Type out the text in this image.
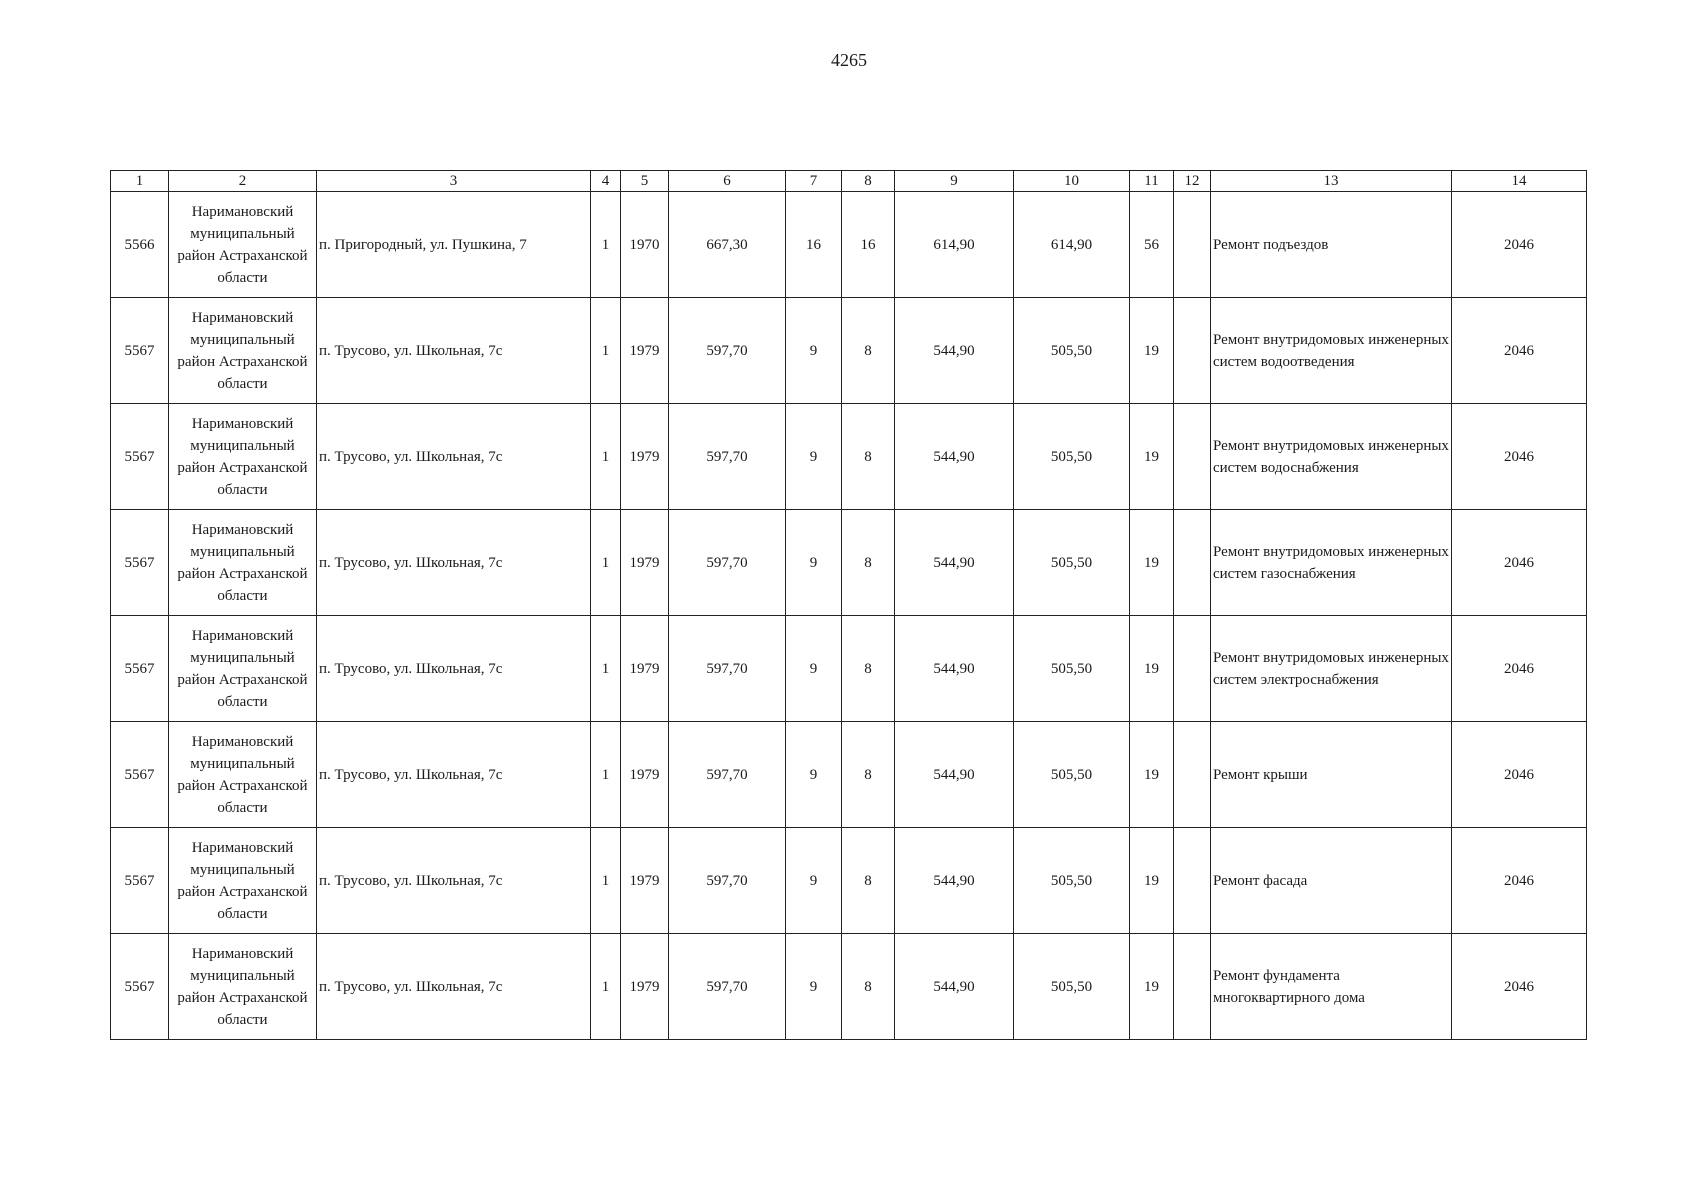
4265
1	2	3	4	5	6	7	8	9	10	11	12	13	14
5566	Наримановский муниципальный район Астраханской области	п. Пригородный, ул. Пушкина, 7	1	1970	667,30	16	16	614,90	614,90	56		Ремонт подъездов	2046
5567	Наримановский муниципальный район Астраханской области	п. Трусово, ул. Школьная, 7с	1	1979	597,70	9	8	544,90	505,50	19		Ремонт внутридомовых инженерных систем водоотведения	2046
5567	Наримановский муниципальный район Астраханской области	п. Трусово, ул. Школьная, 7с	1	1979	597,70	9	8	544,90	505,50	19		Ремонт внутридомовых инженерных систем водоснабжения	2046
5567	Наримановский муниципальный район Астраханской области	п. Трусово, ул. Школьная, 7с	1	1979	597,70	9	8	544,90	505,50	19		Ремонт внутридомовых инженерных систем газоснабжения	2046
5567	Наримановский муниципальный район Астраханской области	п. Трусово, ул. Школьная, 7с	1	1979	597,70	9	8	544,90	505,50	19		Ремонт внутридомовых инженерных систем электроснабжения	2046
5567	Наримановский муниципальный район Астраханской области	п. Трусово, ул. Школьная, 7с	1	1979	597,70	9	8	544,90	505,50	19		Ремонт крыши	2046
5567	Наримановский муниципальный район Астраханской области	п. Трусово, ул. Школьная, 7с	1	1979	597,70	9	8	544,90	505,50	19		Ремонт фасада	2046
5567	Наримановский муниципальный район Астраханской области	п. Трусово, ул. Школьная, 7с	1	1979	597,70	9	8	544,90	505,50	19		Ремонт фундамента многоквартирного дома	2046
